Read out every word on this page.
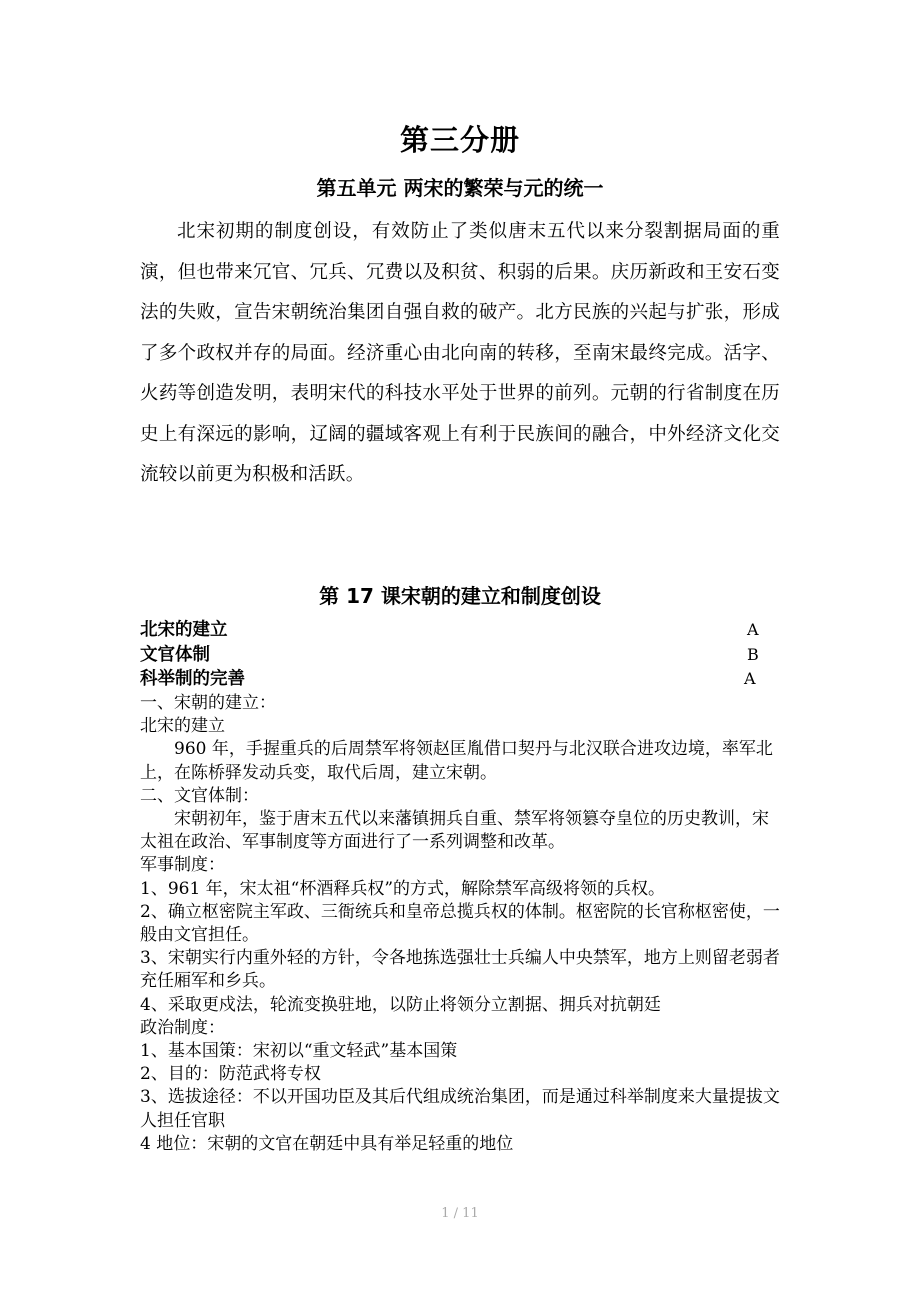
第三分册
第五单元 两宋的繁荣与元的统一

北宋初期的制度创设，有效防止了类似唐末五代以来分裂割据局面的重演，但也带来冗官、冗兵、冗费以及积贫、积弱的后果。庆历新政和王安石变法的失败，宣告宋朝统治集团自强自救的破产。北方民族的兴起与扩张，形成了多个政权并存的局面。经济重心由北向南的转移，至南宋最终完成。活字、火药等创造发明，表明宋代的科技水平处于世界的前列。元朝的行省制度在历史上有深远的影响，辽阔的疆域客观上有利于民族间的融合，中外经济文化交流较以前更为积极和活跃。

第 17 课宋朝的建立和制度创设
北宋的建立	A
文官体制	B
科举制的完善	A

一、宋朝的建立：

北宋的建立

960 年，手握重兵的后周禁军将领赵匡胤借口契丹与北汉联合进攻边境，率军北上，在陈桥驿发动兵变，取代后周，建立宋朝。

二、文官体制：

宋朝初年，鉴于唐末五代以来藩镇拥兵自重、禁军将领篡夺皇位的历史教训，宋太祖在政治、军事制度等方面进行了一系列调整和改革。

军事制度：

1、961 年，宋太祖“杯酒释兵权”的方式，解除禁军高级将领的兵权。

2、确立枢密院主军政、三衙统兵和皇帝总揽兵权的体制。枢密院的长官称枢密使，一般由文官担任。

3、宋朝实行内重外轻的方针，令各地拣选强壮士兵编人中央禁军，地方上则留老弱者充任厢军和乡兵。

4、采取更戍法，轮流变换驻地，以防止将领分立割据、拥兵对抗朝廷

政治制度：

1、基本国策：宋初以“重文轻武”基本国策

2、目的：防范武将专权

3、选拔途径：不以开国功臣及其后代组成统治集团，而是通过科举制度来大量提拔文人担任官职

4 地位：宋朝的文官在朝廷中具有举足轻重的地位

1 / 11
